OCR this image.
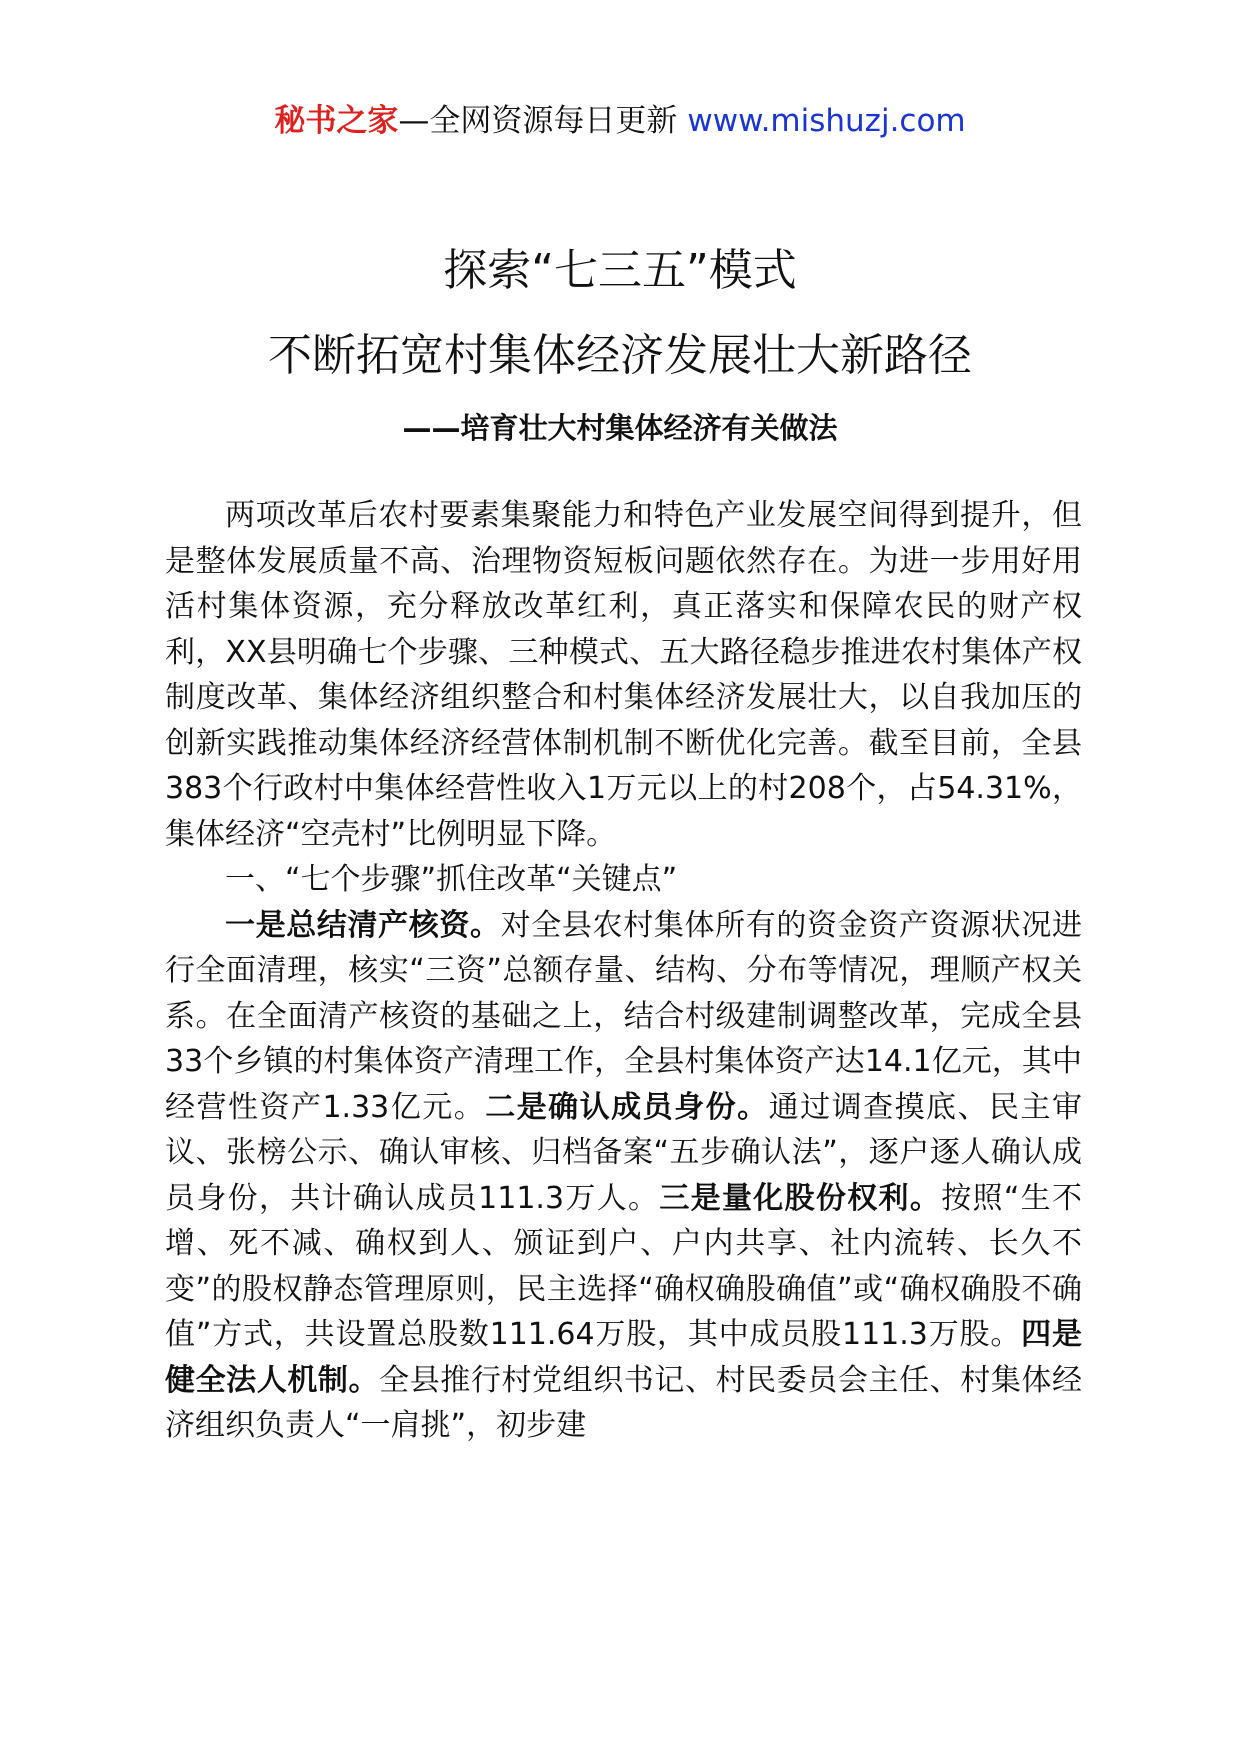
秘书之家—全网资源每日更新 www.mishuzj.com
探索“七三五”模式
不断拓宽村集体经济发展壮大新路径
——培育壮大村集体经济有关做法

两项改革后农村要素集聚能力和特色产业发展空间得到提升，但是整体发展质量不高、治理物资短板问题依然存在。为进一步用好用活村集体资源，充分释放改革红利，真正落实和保障农民的财产权利，XX县明确七个步骤、三种模式、五大路径稳步推进农村集体产权制度改革、集体经济组织整合和村集体经济发展壮大，以自我加压的创新实践推动集体经济经营体制机制不断优化完善。截至目前，全县383个行政村中集体经营性收入1万元以上的村208个，占54.31%，集体经济“空壳村”比例明显下降。

一、“七个步骤”抓住改革“关键点”

一是总结清产核资。对全县农村集体所有的资金资产资源状况进行全面清理，核实“三资”总额存量、结构、分布等情况，理顺产权关系。在全面清产核资的基础之上，结合村级建制调整改革，完成全县33个乡镇的村集体资产清理工作，全县村集体资产达14.1亿元，其中经营性资产1.33亿元。二是确认成员身份。通过调查摸底、民主审议、张榜公示、确认审核、归档备案“五步确认法”，逐户逐人确认成员身份，共计确认成员111.3万人。三是量化股份权利。按照“生不增、死不减、确权到人、颁证到户、户内共享、社内流转、长久不变”的股权静态管理原则，民主选择“确权确股确值”或“确权确股不确值”方式，共设置总股数111.64万股，其中成员股111.3万股。四是健全法人机制。全县推行村党组织书记、村民委员会主任、村集体经济组织负责人“一肩挑”，初步建
